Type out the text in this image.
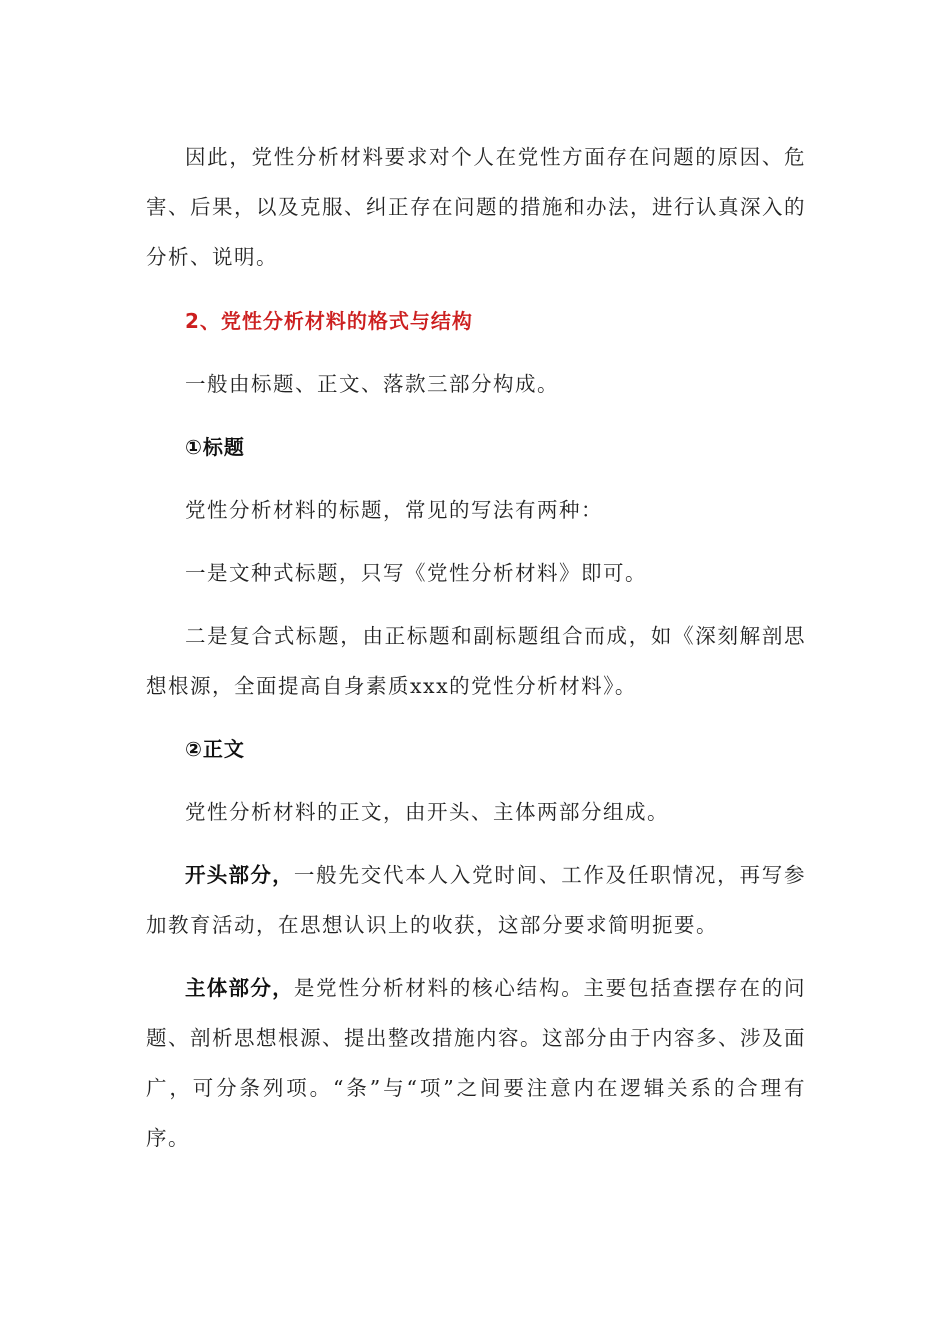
因此，党性分析材料要求对个人在党性方面存在问题的原因、危害、后果，以及克服、纠正存在问题的措施和办法，进行认真深入的分析、说明。

2、党性分析材料的格式与结构

一般由标题、正文、落款三部分构成。

①标题

党性分析材料的标题，常见的写法有两种：

一是文种式标题，只写《党性分析材料》即可。

二是复合式标题，由正标题和副标题组合而成，如《深刻解剖思想根源，全面提高自身素质xxx的党性分析材料》。

②正文

党性分析材料的正文，由开头、主体两部分组成。

开头部分，一般先交代本人入党时间、工作及任职情况，再写参加教育活动，在思想认识上的收获，这部分要求简明扼要。

主体部分，是党性分析材料的核心结构。主要包括查摆存在的问题、剖析思想根源、提出整改措施内容。这部分由于内容多、涉及面广，可分条列项。“条”与“项”之间要注意内在逻辑关系的合理有序。
